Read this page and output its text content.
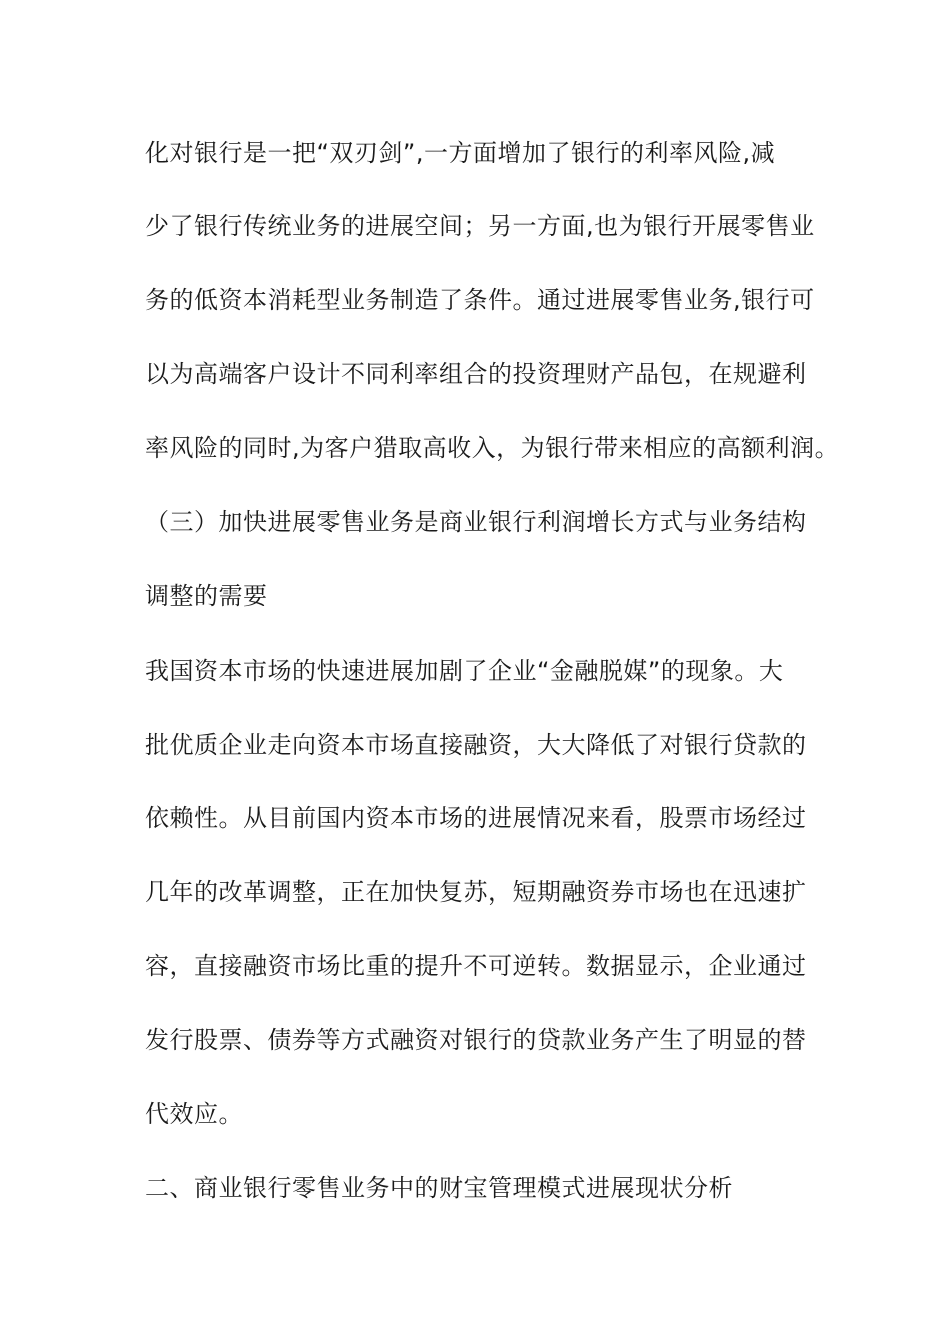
化对银行是一把“双刃剑”,一方面增加了银行的利率风险,减
少了银行传统业务的进展空间；另一方面,也为银行开展零售业
务的低资本消耗型业务制造了条件。通过进展零售业务,银行可
以为高端客户设计不同利率组合的投资理财产品包，在规避利
率风险的同时,为客户猎取高收入，为银行带来相应的高额利润。
（三）加快进展零售业务是商业银行利润增长方式与业务结构
调整的需要
我国资本市场的快速进展加剧了企业“金融脱媒”的现象。大
批优质企业走向资本市场直接融资，大大降低了对银行贷款的
依赖性。从目前国内资本市场的进展情况来看，股票市场经过
几年的改革调整，正在加快复苏，短期融资券市场也在迅速扩
容，直接融资市场比重的提升不可逆转。数据显示，企业通过
发行股票、债券等方式融资对银行的贷款业务产生了明显的替
代效应。
二、商业银行零售业务中的财宝管理模式进展现状分析
